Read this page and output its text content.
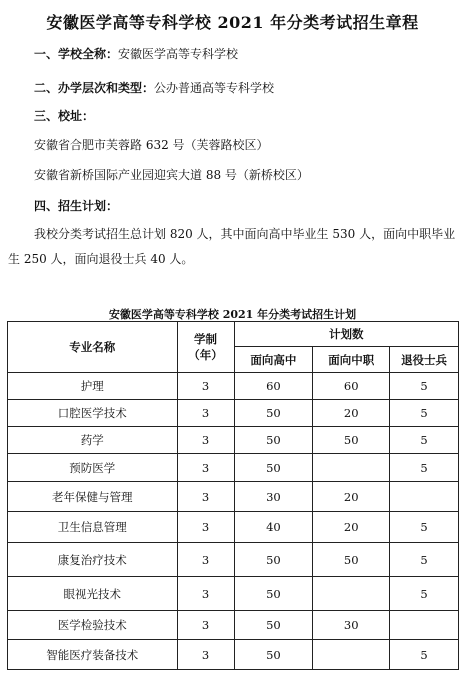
安徽医学高等专科学校 2021 年分类考试招生章程
一、学校全称：安徽医学高等专科学校
二、办学层次和类型：公办普通高等专科学校
三、校址：
安徽省合肥市芙蓉路 632 号（芙蓉路校区）
安徽省新桥国际产业园迎宾大道 88 号（新桥校区）
四、招生计划：
我校分类考试招生总计划 820 人，其中面向高中毕业生 530 人，面向中职毕业生 250 人，面向退役士兵 40 人。
安徽医学高等专科学校 2021 年分类考试招生计划
专业名称	学制（年）	计划数		
		面向高中	面向中职	退役士兵
护理	3	60	60	5
口腔医学技术	3	50	20	5
药学	3	50	50	5
预防医学	3	50		5
老年保健与管理	3	30	20	
卫生信息管理	3	40	20	5
康复治疗技术	3	50	50	5
眼视光技术	3	50		5
医学检验技术	3	50	30	
智能医疗装备技术	3	50		5
